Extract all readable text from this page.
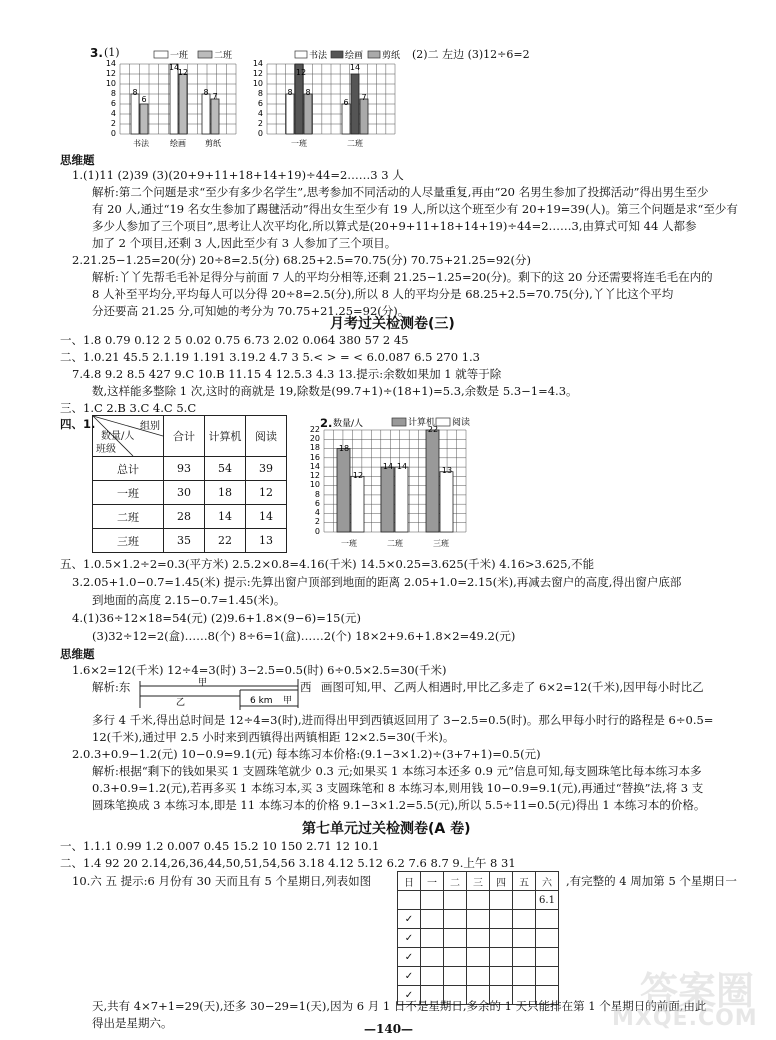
3. (1)	一班	二班
14
12
10
8
6
4
2
0
书法	绘画 剪纸
8
6
14
12
8 7
书法 绘画 剪纸
14
12
10
8
6
4
2
0
一班	二班
8 8
6
14
12
7
(2)二 左边 (3)12÷6=2
思维题
1.(1)11 (2)39 (3)(20+9+11+18+14+19)÷44=2……3 3 人
解析:第二个问题是求“至少有多少名学生”,思考参加不同活动的人尽量重复,再由“20 名男生参加了投掷活动”得出男生至少
有 20 人,通过“19 名女生参加了踢毽活动”得出女生至少有 19 人,所以这个班至少有 20+19=39(人)。第三个问题是求“至少有
多少人参加了三个项目”,思考让人次平均化,所以算式是(20+9+11+18+14+19)÷44=2……3,由算式可知 44 人都参
加了 2 个项目,还剩 3 人,因此至少有 3 人参加了三个项目。
2.21.25−1.25=20(分) 20÷8=2.5(分) 68.25+2.5=70.75(分) 70.75+21.25=92(分)
解析:丫丫先帮毛毛补足得分与前面 7 人的平均分相等,还剩 21.25−1.25=20(分)。剩下的这 20 分还需要将连毛毛在内的
8 人补至平均分,平均每人可以分得 20÷8=2.5(分),所以 8 人的平均分是 68.25+2.5=70.75(分),丫丫比这个平均
分还要高 21.25 分,可知她的考分为 70.75+21.25=92(分)。
月考过关检测卷(三)
一、1.8 0.79 0.12 2 5 0.02 0.75 6.73 2.02 0.064 380 57 2 45
二、1.0.21 45.5 2.1.19 1.191 3.19.2 4.7 3 5.< > = < 6.0.087 6.5 270 1.3
7.4.8 9.2 8.5 427 9.C 10.B 11.15 4 12.5.3 4.3 13.提示:余数如果加 1 就等于除
数,这样能多整除 1 次,这时的商就是 19,除数是(99.7+1)÷(18+1)=5.3,余数是 5.3−1=4.3。
三、1.C 2.B 3.C 4.C 5.C
四、1.	组别
数量/人
班级	合计	计算机	阅读
总计	93	54	39
一班	30	18	12
二班	28	14	14
三班	35	22	13
2. 数量/人	计算机 阅读
22
20
18
16
14
12
10
8
6
4
2
0
一班	二班	三班
18
12
14 14
22
13
五、1.0.5×1.2÷2=0.3(平方米) 2.5.2×0.8=4.16(千米) 14.5×0.25=3.625(千米) 4.16>3.625,不能
3.2.05+1.0−0.7=1.45(米) 提示:先算出窗户顶部到地面的距离 2.05+1.0=2.15(米),再减去窗户的高度,得出窗户底部
到地面的高度 2.15−0.7=1.45(米)。
4.(1)36÷12×18=54(元) (2)9.6+1.8×(9−6)=15(元)
(3)32÷12=2(盒)……8(个) 8÷6=1(盒)……2(个) 18×2+9.6+1.8×2=49.2(元)
思维题
1.6×2=12(千米) 12÷4=3(时) 3−2.5=0.5(时) 6÷0.5×2.5=30(千米)
解析:东	甲
乙	6 km 甲
西 画图可知,甲、乙两人相遇时,甲比乙多走了 6×2=12(千米),因甲每小时比乙
多行 4 千米,得出总时间是 12÷4=3(时),进而得出甲到西镇返回用了 3−2.5=0.5(时)。那么甲每小时行的路程是 6÷0.5=
12(千米),通过甲 2.5 小时来到西镇得出两镇相距 12×2.5=30(千米)。
2.0.3+0.9−1.2(元) 10−0.9=9.1(元) 每本练习本价格:(9.1−3×1.2)÷(3+7+1)=0.5(元)
解析:根据“剩下的钱如果买 1 支圆珠笔就少 0.3 元;如果买 1 本练习本还多 0.9 元”信息可知,每支圆珠笔比每本练习本多
0.3+0.9=1.2(元),若再多买 1 本练习本,买 3 支圆珠笔和 8 本练习本,则用钱 10−0.9=9.1(元),再通过“替换”法,将 3 支
圆珠笔换成 3 本练习本,即是 11 本练习本的价格 9.1−3×1.2=5.5(元),所以 5.5÷11=0.5(元)得出 1 本练习本的价格。
第七单元过关检测卷(A 卷)
一、1.1.1 0.99 1.2 0.007 0.45 15.2 10 150 2.71 12 10.1
二、1.4 92 20 2.14,26,36,44,50,51,54,56 3.18 4.12 5.12 6.2 7.6 8.7 9.上午 8 31
10.六 五 提示:6 月份有 30 天而且有 5 个星期日,列表如图	日	一	二	三	四	五	六
						6.1
✓						
✓						
✓						
✓						
✓						
,有完整的 4 周加第 5 个星期日一
天,共有 4×7+1=29(天),还多 30−29=1(天),因为 6 月 1 日不是星期日,多余的 1 天只能排在第 1 个星期日的前面,由此
得出是星期六。	—140—
答案圈
MXQE.COM
